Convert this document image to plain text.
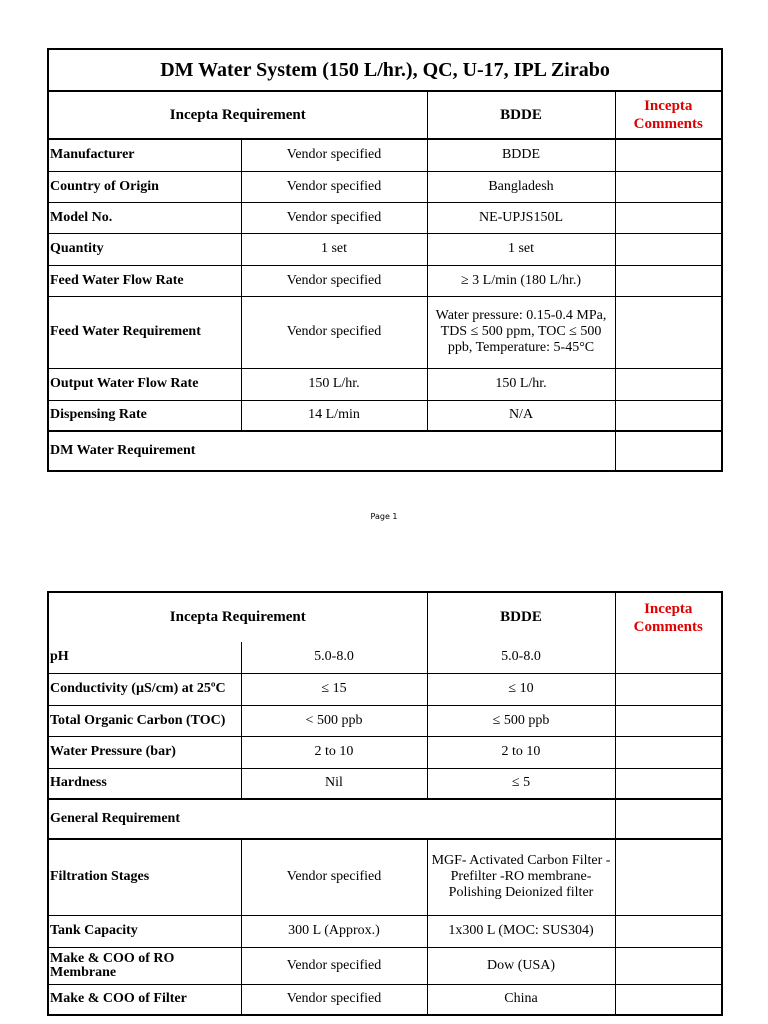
DM Water System (150 L/hr.), QC, U-17, IPL Zirabo			
Incepta Requirement		BDDE	Incepta Comments
Manufacturer	Vendor specified	BDDE	
Country of Origin	Vendor specified	Bangladesh	
Model No.	Vendor specified	NE-UPJS150L	
Quantity	1 set	1 set	
Feed Water Flow Rate	Vendor specified	≥ 3 L/min (180 L/hr.)	
Feed Water Requirement	Vendor specified	Water pressure: 0.15-0.4 MPa, TDS ≤ 500 ppm, TOC ≤ 500 ppb, Temperature: 5-45°C	
Output Water Flow Rate	150 L/hr.	150 L/hr.	
Dispensing Rate	14 L/min	N/A	
DM Water Requirement			
Page 1
Incepta Requirement		BDDE	Incepta Comments
pH	5.0-8.0	5.0-8.0	
Conductivity (µS/cm) at 25ºC	≤ 15	≤ 10	
Total Organic Carbon (TOC)	< 500 ppb	≤ 500 ppb	
Water Pressure (bar)	2 to 10	2 to 10	
Hardness	Nil	≤ 5	
General Requirement			
Filtration Stages	Vendor specified	MGF- Activated Carbon Filter -Prefilter -RO membrane-Polishing Deionized filter	
Tank Capacity	300 L (Approx.)	1x300 L (MOC: SUS304)	
Make & COO of RO Membrane	Vendor specified	Dow (USA)	
Make & COO of Filter	Vendor specified	China	
